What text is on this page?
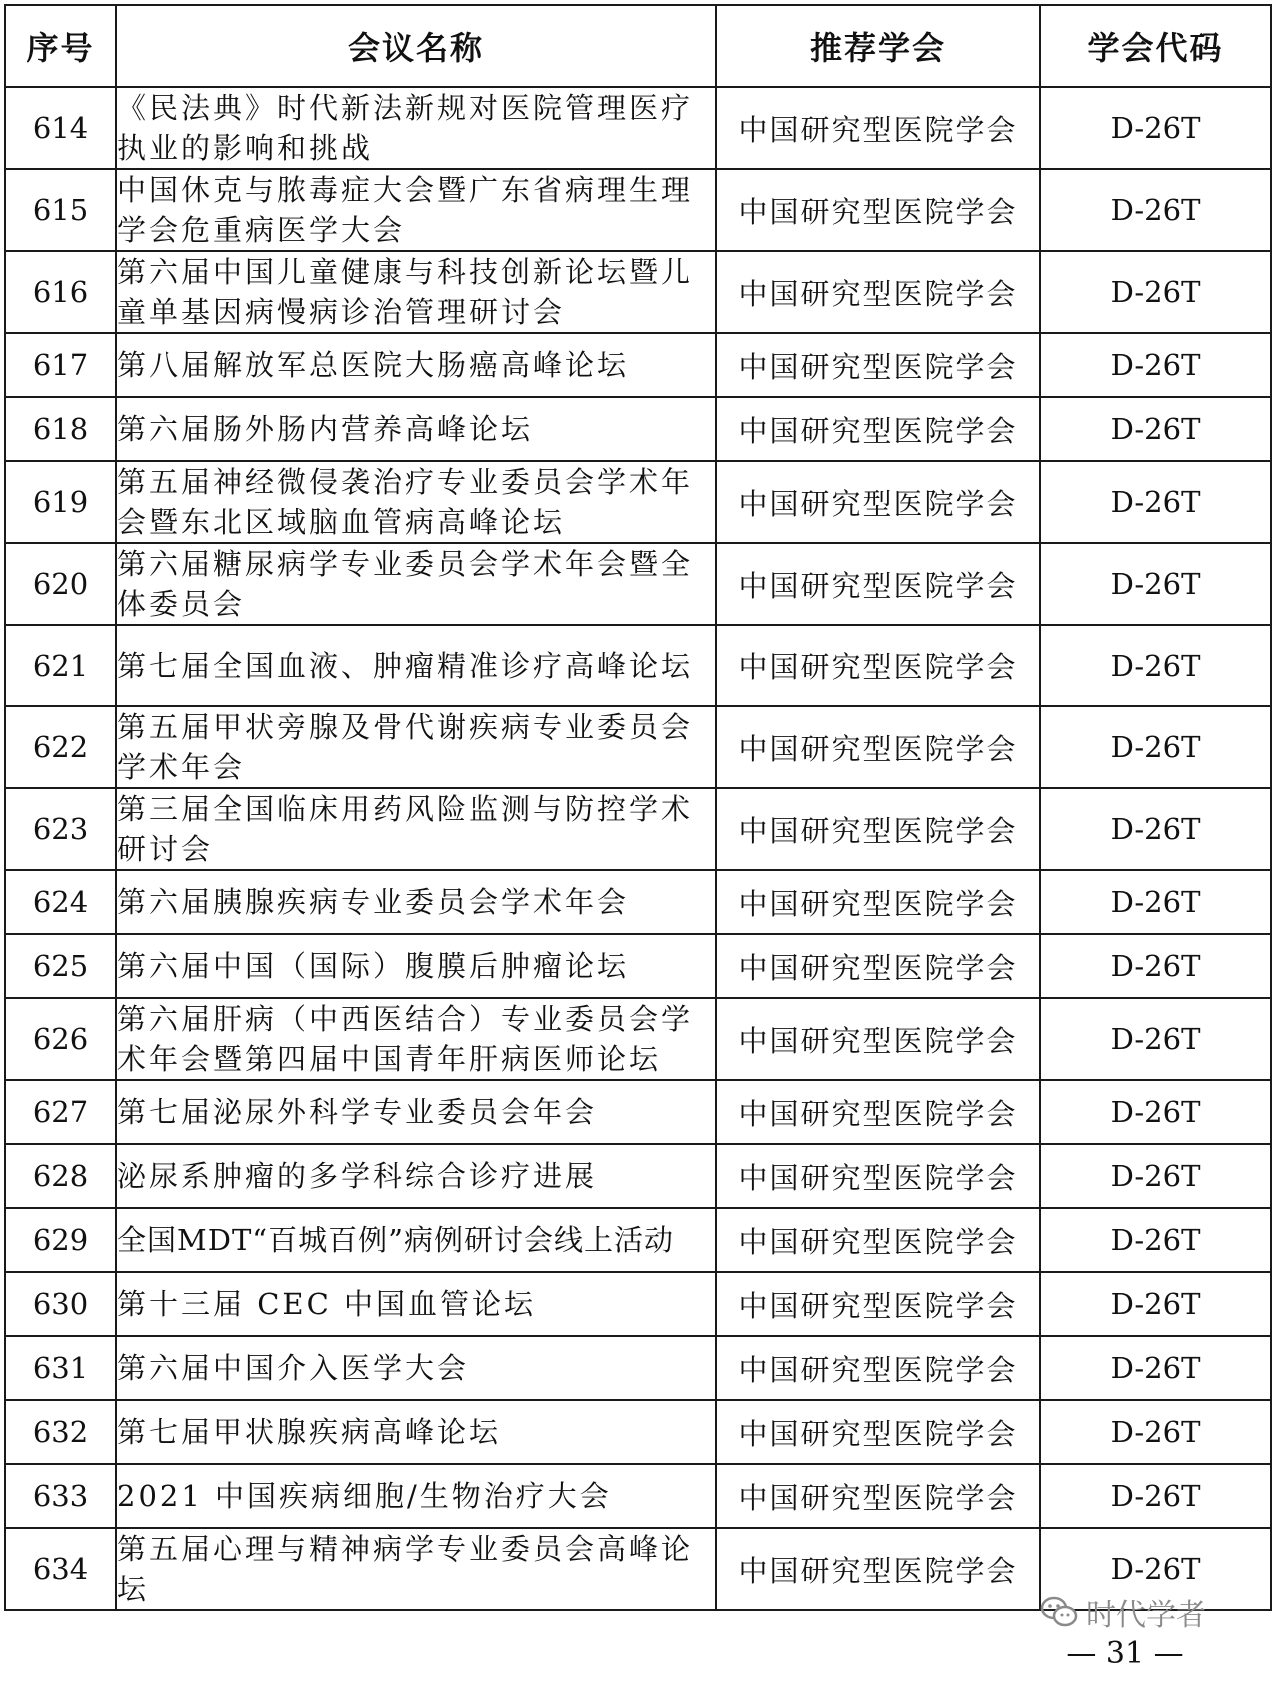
序号	会议名称	推荐学会	学会代码
614	《民法典》时代新法新规对医院管理医疗执业的影响和挑战	中国研究型医院学会	D-26T
615	中国休克与脓毒症大会暨广东省病理生理学会危重病医学大会	中国研究型医院学会	D-26T
616	第六届中国儿童健康与科技创新论坛暨儿童单基因病慢病诊治管理研讨会	中国研究型医院学会	D-26T
617	第八届解放军总医院大肠癌高峰论坛	中国研究型医院学会	D-26T
618	第六届肠外肠内营养高峰论坛	中国研究型医院学会	D-26T
619	第五届神经微侵袭治疗专业委员会学术年会暨东北区域脑血管病高峰论坛	中国研究型医院学会	D-26T
620	第六届糖尿病学专业委员会学术年会暨全体委员会	中国研究型医院学会	D-26T
621	第七届全国血液、肿瘤精准诊疗高峰论坛	中国研究型医院学会	D-26T
622	第五届甲状旁腺及骨代谢疾病专业委员会学术年会	中国研究型医院学会	D-26T
623	第三届全国临床用药风险监测与防控学术研讨会	中国研究型医院学会	D-26T
624	第六届胰腺疾病专业委员会学术年会	中国研究型医院学会	D-26T
625	第六届中国（国际）腹膜后肿瘤论坛	中国研究型医院学会	D-26T
626	第六届肝病（中西医结合）专业委员会学术年会暨第四届中国青年肝病医师论坛	中国研究型医院学会	D-26T
627	第七届泌尿外科学专业委员会年会	中国研究型医院学会	D-26T
628	泌尿系肿瘤的多学科综合诊疗进展	中国研究型医院学会	D-26T
629	全国MDT“百城百例”病例研讨会线上活动	中国研究型医院学会	D-26T
630	第十三届 CEC 中国血管论坛	中国研究型医院学会	D-26T
631	第六届中国介入医学大会	中国研究型医院学会	D-26T
632	第七届甲状腺疾病高峰论坛	中国研究型医院学会	D-26T
633	2021 中国疾病细胞/生物治疗大会	中国研究型医院学会	D-26T
634	第五届心理与精神病学专业委员会高峰论坛	中国研究型医院学会	D-26T
时代学者
— 31 —
